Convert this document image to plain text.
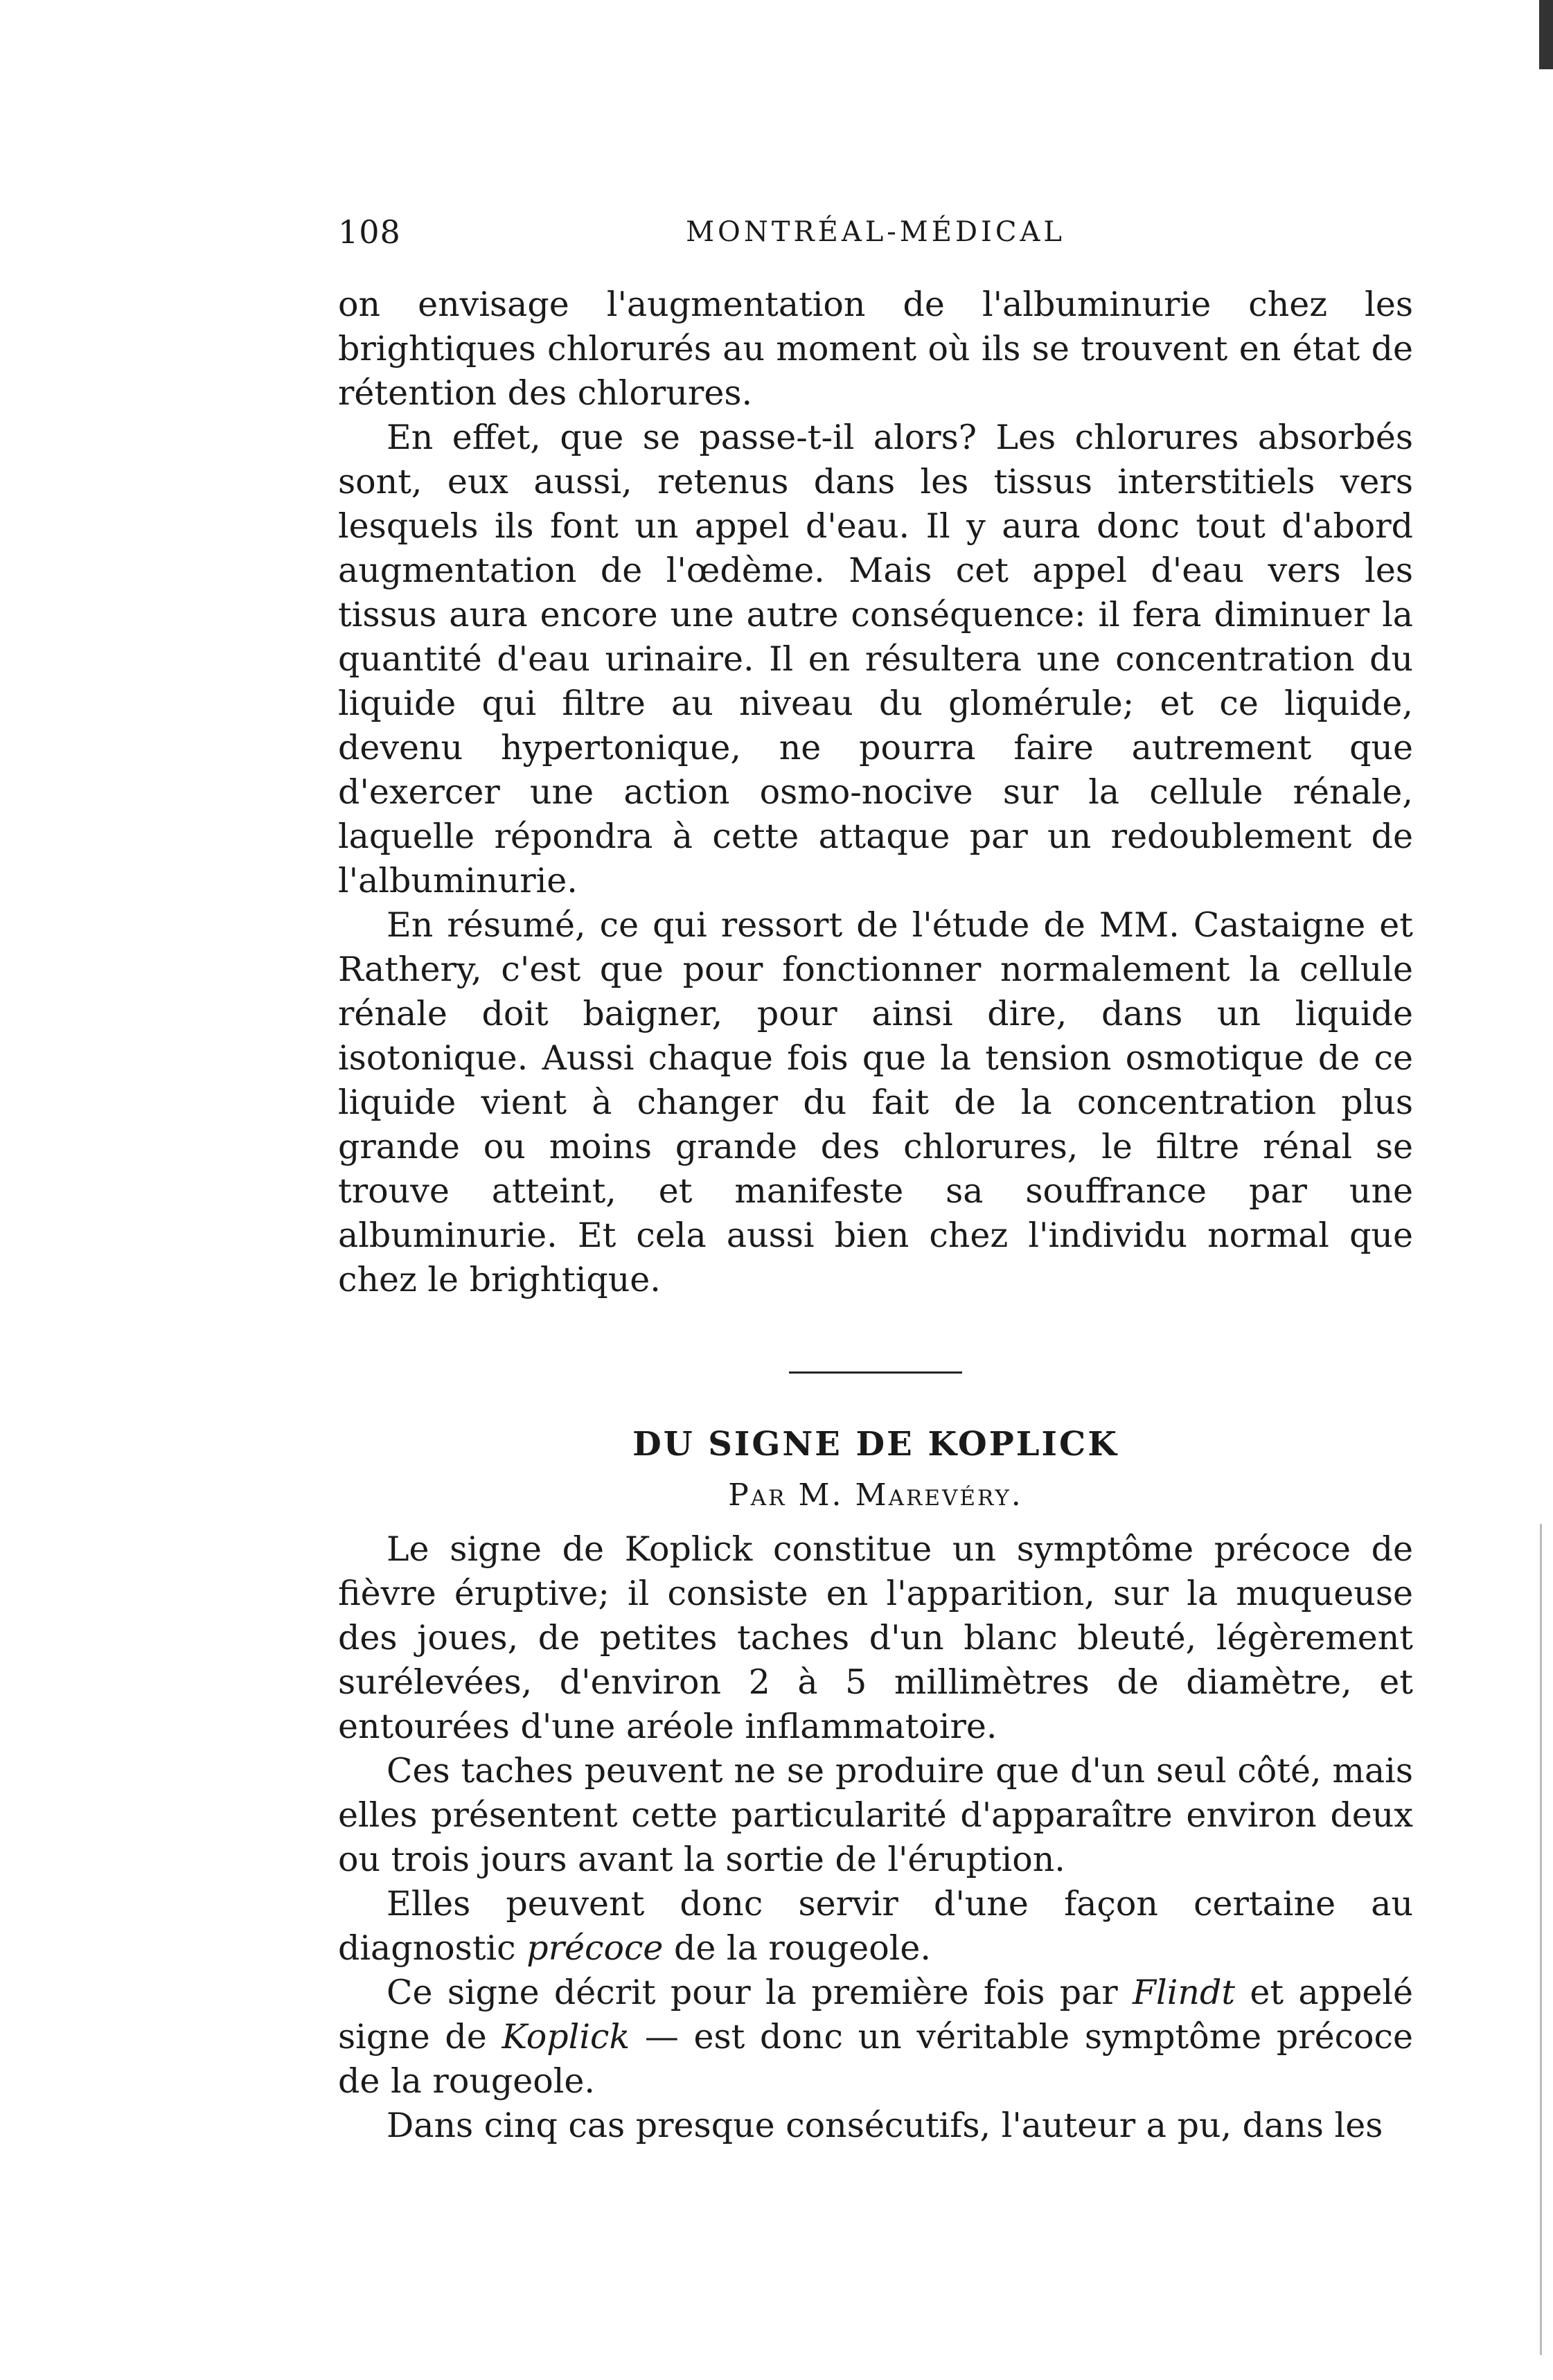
108	MONTRÉAL-MÉDICAL

on envisage l'augmentation de l'albuminurie chez les brightiques chlorurés au moment où ils se trouvent en état de rétention des chlorures.

En effet, que se passe-t-il alors? Les chlorures absorbés sont, eux aussi, retenus dans les tissus interstitiels vers lesquels ils font un appel d'eau. Il y aura donc tout d'abord augmentation de l'œdème. Mais cet appel d'eau vers les tissus aura encore une autre conséquence: il fera diminuer la quantité d'eau urinaire. Il en résultera une concentration du liquide qui filtre au niveau du glomérule; et ce liquide, devenu hypertonique, ne pourra faire autrement que d'exercer une action osmo-nocive sur la cellule rénale, laquelle répondra à cette attaque par un redoublement de l'albuminurie.

En résumé, ce qui ressort de l'étude de MM. Castaigne et Rathery, c'est que pour fonctionner normalement la cellule rénale doit baigner, pour ainsi dire, dans un liquide isotonique. Aussi chaque fois que la tension osmotique de ce liquide vient à changer du fait de la concentration plus grande ou moins grande des chlorures, le filtre rénal se trouve atteint, et manifeste sa souffrance par une albuminurie. Et cela aussi bien chez l'individu normal que chez le brightique.

DU SIGNE DE KOPLICK
Par M. Marevéry.

Le signe de Koplick constitue un symptôme précoce de fièvre éruptive; il consiste en l'apparition, sur la muqueuse des joues, de petites taches d'un blanc bleuté, légèrement surélevées, d'environ 2 à 5 millimètres de diamètre, et entourées d'une aréole inflammatoire.

Ces taches peuvent ne se produire que d'un seul côté, mais elles présentent cette particularité d'apparaître environ deux ou trois jours avant la sortie de l'éruption.

Elles peuvent donc servir d'une façon certaine au diagnostic précoce de la rougeole.

Ce signe décrit pour la première fois par Flindt et appelé signe de Koplick — est donc un véritable symptôme précoce de la rougeole.

Dans cinq cas presque consécutifs, l'auteur a pu, dans les
